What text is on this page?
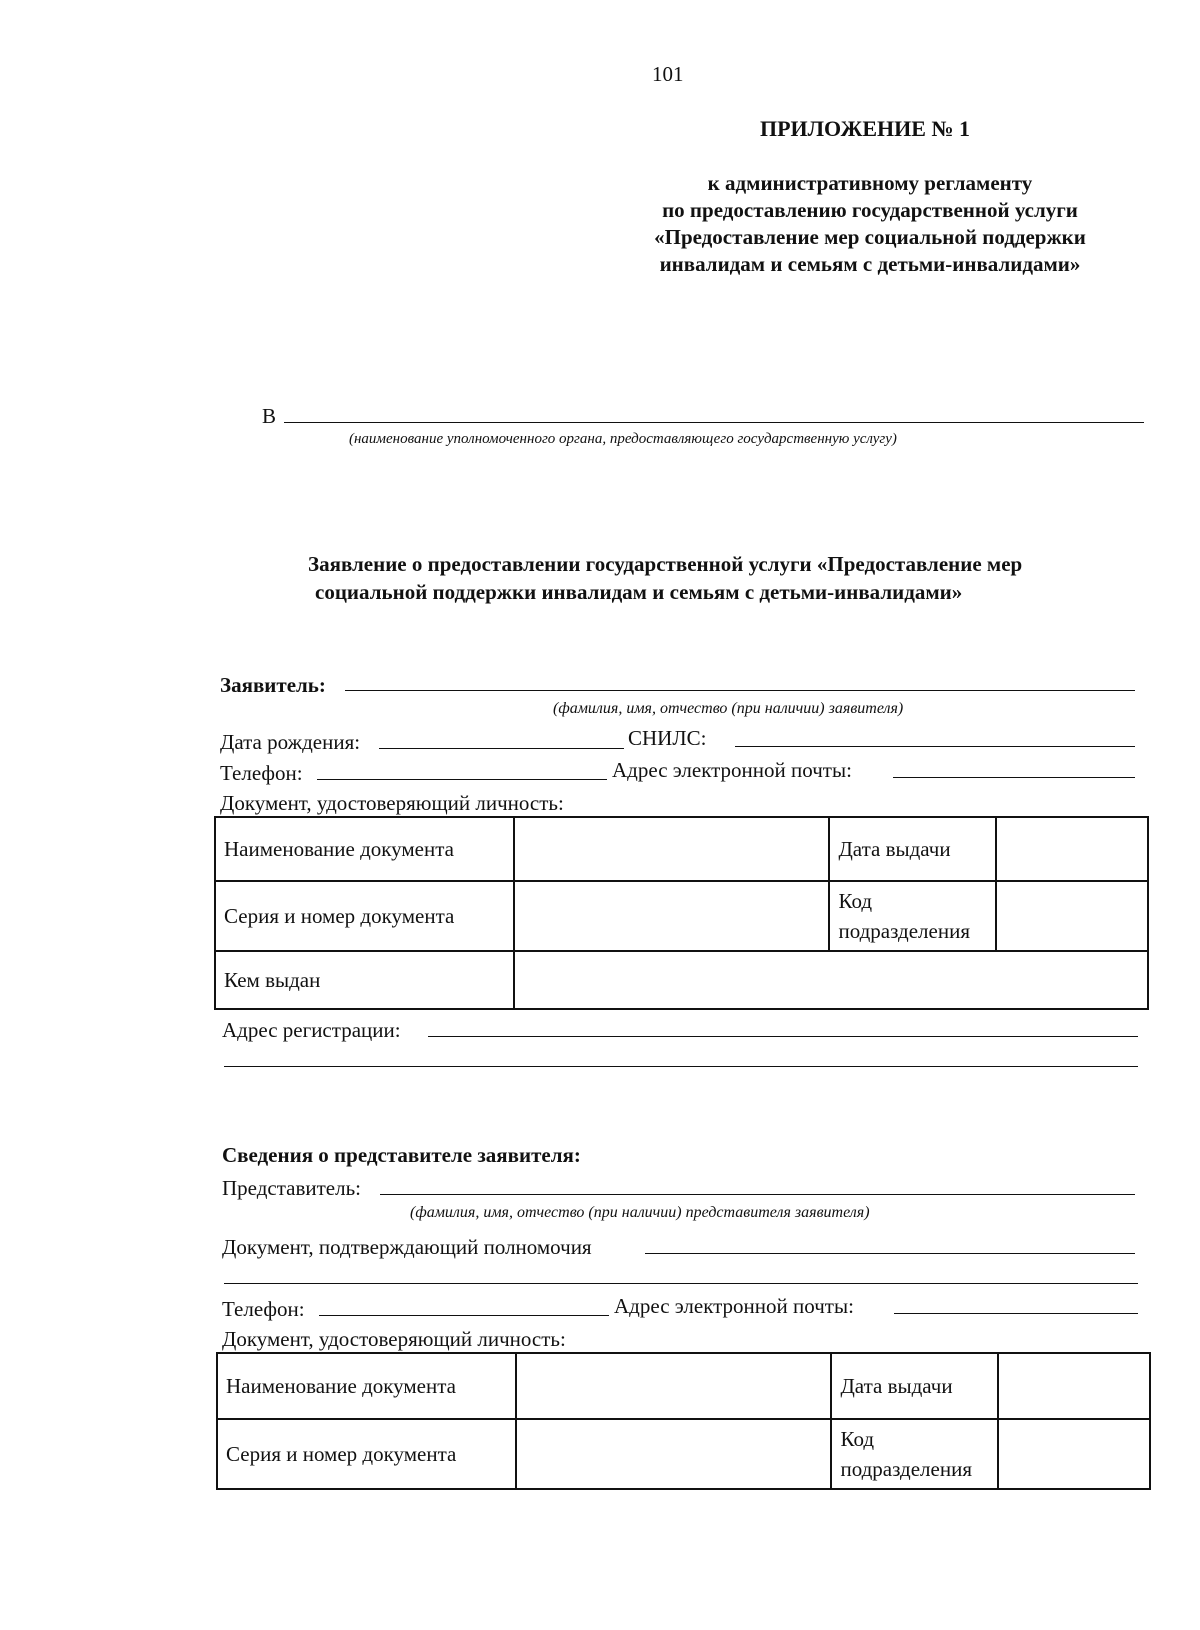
101
ПРИЛОЖЕНИЕ № 1
к административному регламенту
по предоставлению государственной услуги
«Предоставление мер социальной поддержки
инвалидам и семьям с детьми-инвалидами»
В
(наименование уполномоченного органа, предоставляющего государственную услугу)
Заявление о предоставлении государственной услуги «Предоставление мер
социальной поддержки инвалидам и семьям с детьми-инвалидами»
Заявитель:
(фамилия, имя, отчество (при наличии) заявителя)
Дата рождения:	СНИЛС:
Телефон:	Адрес электронной почты:
Документ, удостоверяющий личность:
Наименование документа		Дата выдачи	
Серия и номер документа		Код
подразделения	

Кем выдан			
Адрес регистрации:
Сведения о представителе заявителя:
Представитель:
(фамилия, имя, отчество (при наличии) представителя заявителя)
Документ, подтверждающий полномочия
Телефон:	Адрес электронной почты:
Документ, удостоверяющий личность:
Наименование документа		Дата выдачи	
Серия и номер документа		Код
подразделения	
